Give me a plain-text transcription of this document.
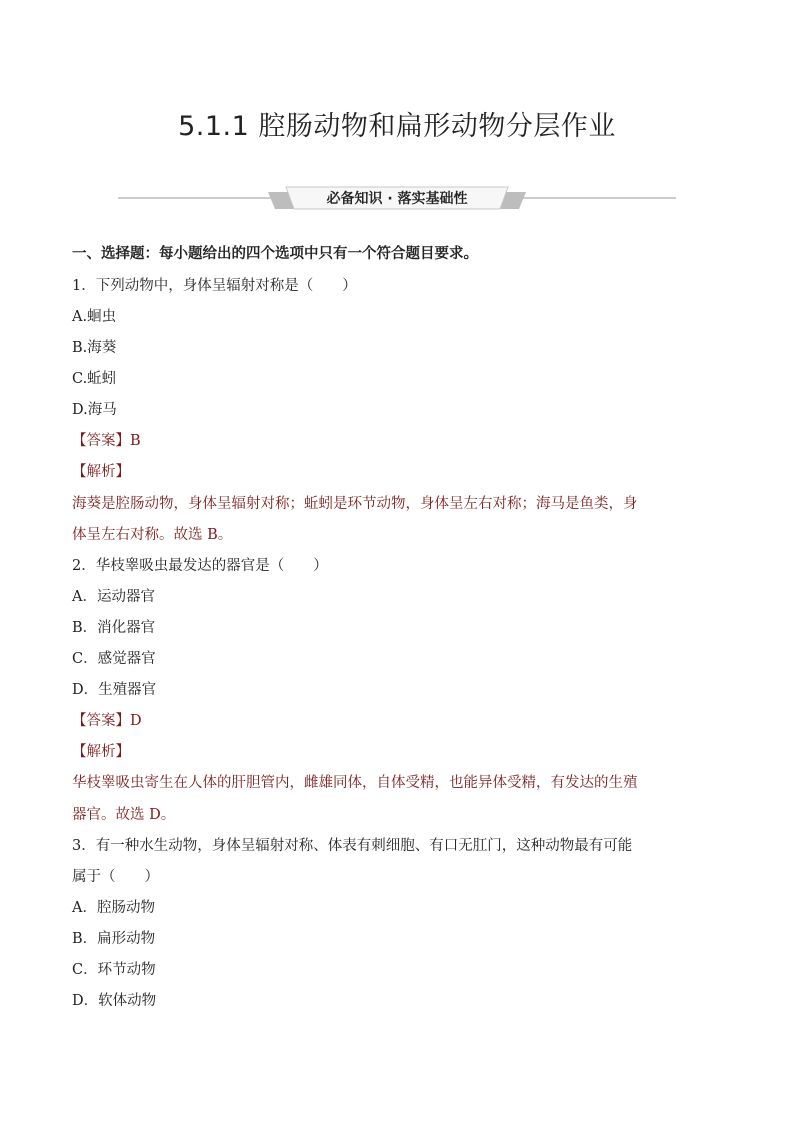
5.1.1 腔肠动物和扁形动物分层作业
必备知识 · 落实基础性
一、选择题：每小题给出的四个选项中只有一个符合题目要求。
1．下列动物中，身体呈辐射对称是（　　）
A.蛔虫
B.海葵
C.蚯蚓
D.海马
【答案】B
【解析】
海葵是腔肠动物，身体呈辐射对称；蚯蚓是环节动物，身体呈左右对称；海马是鱼类，身
体呈左右对称。故选 B。
2．华枝睾吸虫最发达的器官是（　　）
A．运动器官
B．消化器官
C．感觉器官
D．生殖器官
【答案】D
【解析】
华枝睾吸虫寄生在人体的肝胆管内，雌雄同体，自体受精，也能异体受精，有发达的生殖
器官。故选 D。
3．有一种水生动物，身体呈辐射对称、体表有刺细胞、有口无肛门，这种动物最有可能
属于（　　）
A．腔肠动物
B．扁形动物
C．环节动物
D．软体动物
